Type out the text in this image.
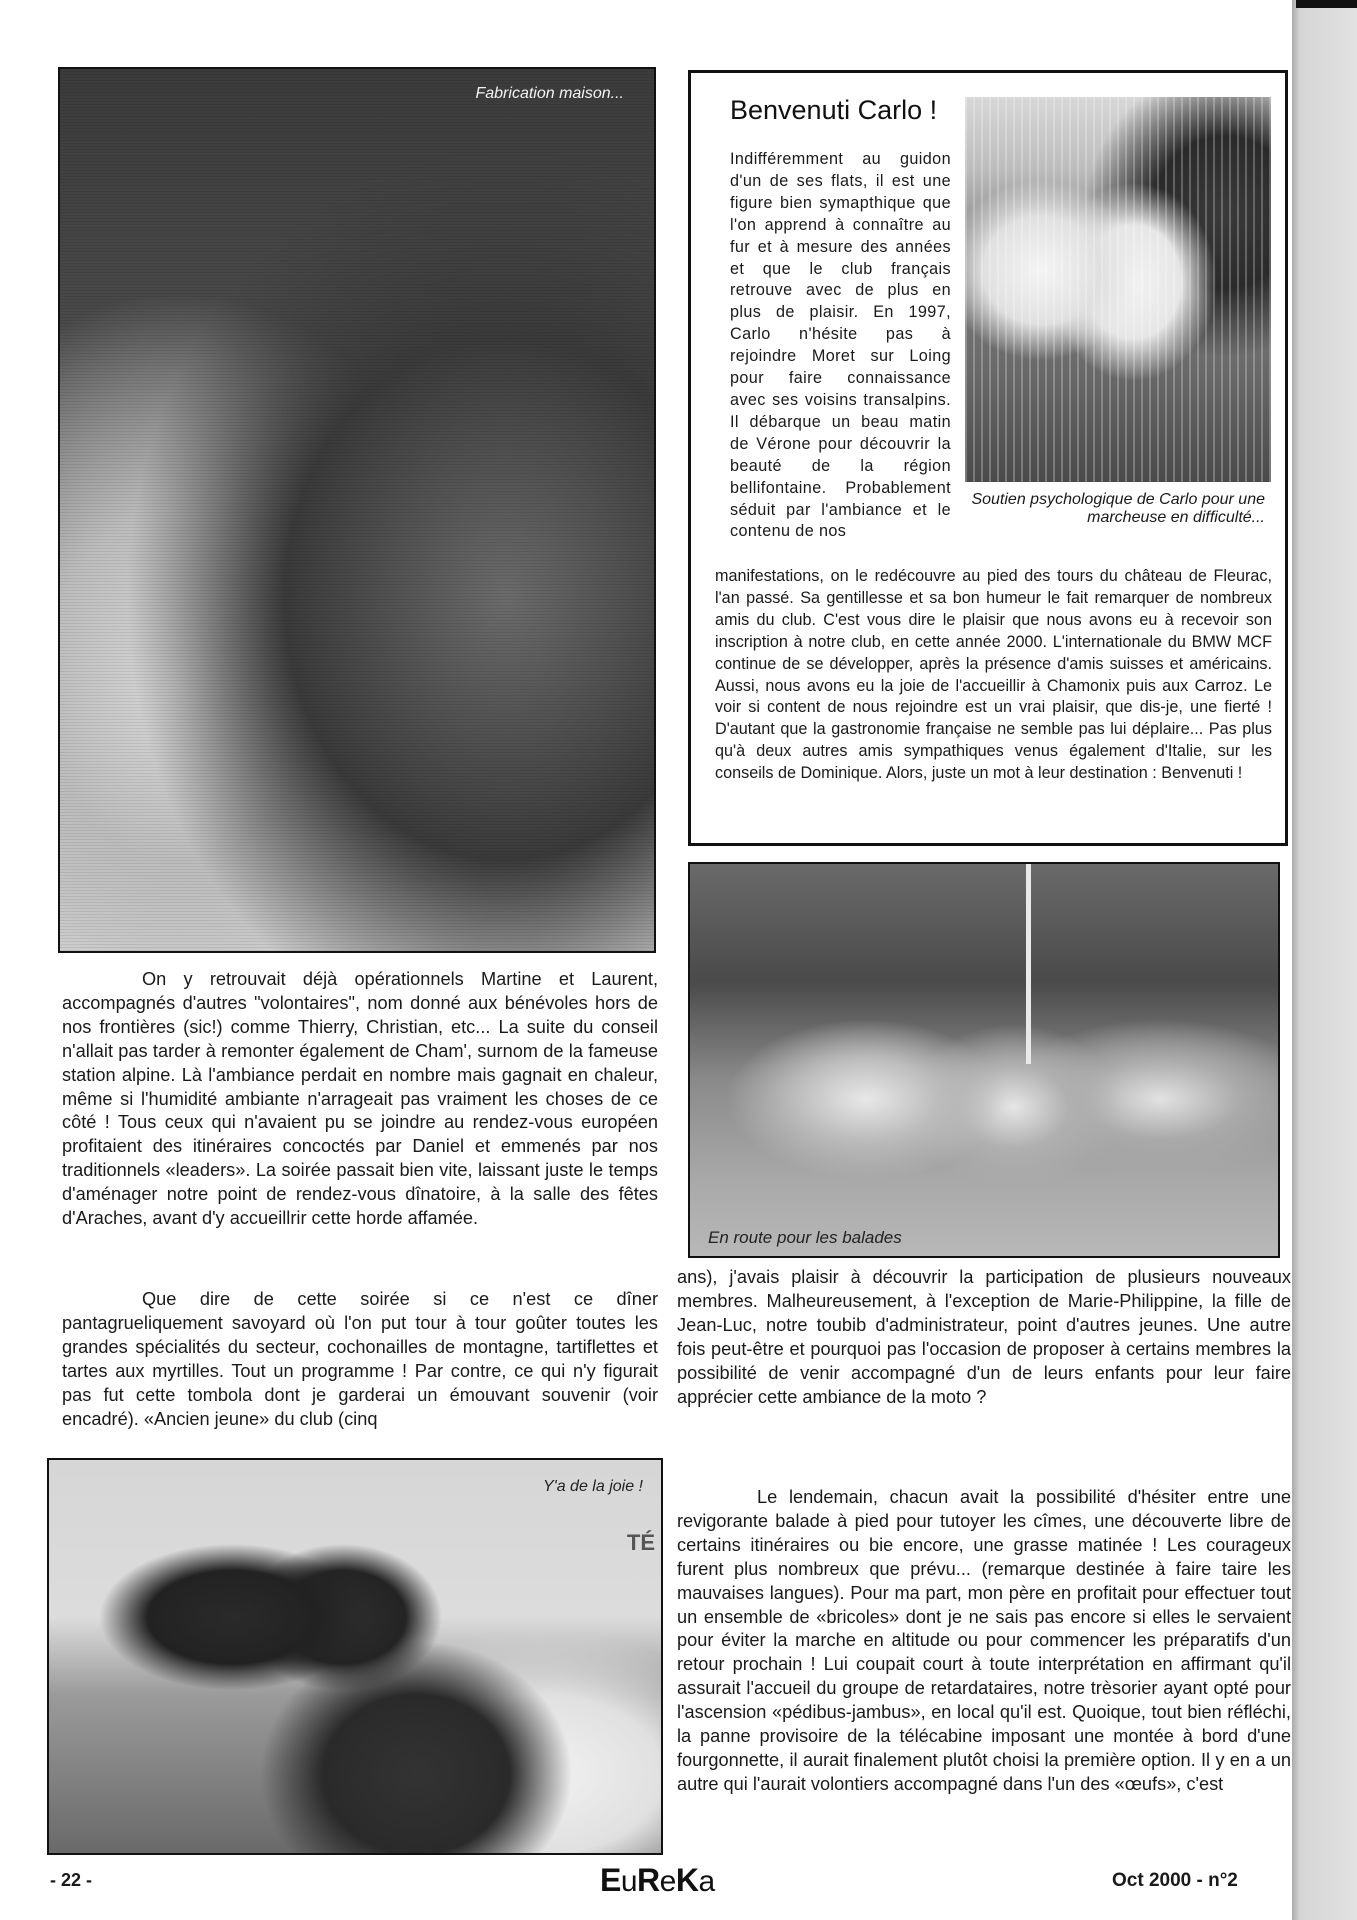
Fabrication maison...
Benvenuti Carlo !
Indifféremment au guidon d'un de ses flats, il est une figure bien symapthique que l'on apprend à connaître au fur et à mesure des années et que le club français retrouve avec de plus en plus de plaisir. En 1997, Carlo n'hésite pas à rejoindre Moret sur Loing pour faire connaissance avec ses voisins transalpins. Il débarque un beau matin de Vérone pour découvrir la beauté de la région bellifontaine. Probablement séduit par l'ambiance et le contenu de nos
Soutien psychologique de Carlo pour une marcheuse en difficulté...
manifestations, on le redécouvre au pied des tours du château de Fleurac, l'an passé. Sa gentillesse et sa bon humeur le fait remarquer de nombreux amis du club. C'est vous dire le plaisir que nous avons eu à recevoir son inscription à notre club, en cette année 2000. L'internationale du BMW MCF continue de se développer, après la présence d'amis suisses et américains. Aussi, nous avons eu la joie de l'accueillir à Chamonix puis aux Carroz. Le voir si content de nous rejoindre est un vrai plaisir, que dis-je, une fierté ! D'autant que la gastronomie française ne semble pas lui déplaire... Pas plus qu'à deux autres amis sympathiques venus également d'Italie, sur les conseils de Dominique. Alors, juste un mot à leur destination : Benvenuti !
En route pour les balades

On y retrouvait déjà opérationnels Martine et Laurent, accompagnés d'autres "volontaires", nom donné aux bénévoles hors de nos frontières (sic!) comme Thierry, Christian, etc... La suite du conseil n'allait pas tarder à remonter également de Cham', surnom de la fameuse station alpine. Là l'ambiance perdait en nombre mais gagnait en chaleur, même si l'humidité ambiante n'arrageait pas vraiment les choses de ce côté ! Tous ceux qui n'avaient pu se joindre au rendez-vous européen profitaient des itinéraires concoctés par Daniel et emmenés par nos traditionnels «leaders». La soirée passait bien vite, laissant juste le temps d'aménager notre point de rendez-vous dînatoire, à la salle des fêtes d'Araches, avant d'y accueillrir cette horde affamée.

Que dire de cette soirée si ce n'est ce dîner pantagrueliquement savoyard où l'on put tour à tour goûter toutes les grandes spécialités du secteur, cochonailles de montagne, tartiflettes et tartes aux myrtilles. Tout un programme ! Par contre, ce qui n'y figurait pas fut cette tombola dont je garderai un émouvant souvenir (voir encadré). «Ancien jeune» du club (cinq

ans), j'avais plaisir à découvrir la participation de plusieurs nouveaux membres. Malheureusement, à l'exception de Marie-Philippine, la fille de Jean-Luc, notre toubib d'administrateur, point d'autres jeunes. Une autre fois peut-être et pourquoi pas l'occasion de proposer à certains membres la possibilité de venir accompagné d'un de leurs enfants pour leur faire apprécier cette ambiance de la moto ?

Le lendemain, chacun avait la possibilité d'hésiter entre une revigorante balade à pied pour tutoyer les cîmes, une découverte libre de certains itinéraires ou bie encore, une grasse matinée ! Les courageux furent plus nombreux que prévu... (remarque destinée à faire taire les mauvaises langues). Pour ma part, mon père en profitait pour effectuer tout un ensemble de «bricoles» dont je ne sais pas encore si elles le servaient pour éviter la marche en altitude ou pour commencer les préparatifs d'un retour prochain ! Lui coupait court à toute interprétation en affirmant qu'il assurait l'accueil du groupe de retardataires, notre trèsorier ayant opté pour l'ascension «pédibus-jambus», en local qu'il est. Quoique, tout bien réfléchi, la panne provisoire de la télécabine imposant une montée à bord d'une fourgonnette, il aurait finalement plutôt choisi la première option. Il y en a un autre qui l'aurait volontiers accompagné dans l'un des «œufs», c'est

Y'a de la joie !
TÉ
- 22 -	EuReKa	Oct 2000 - n°2
